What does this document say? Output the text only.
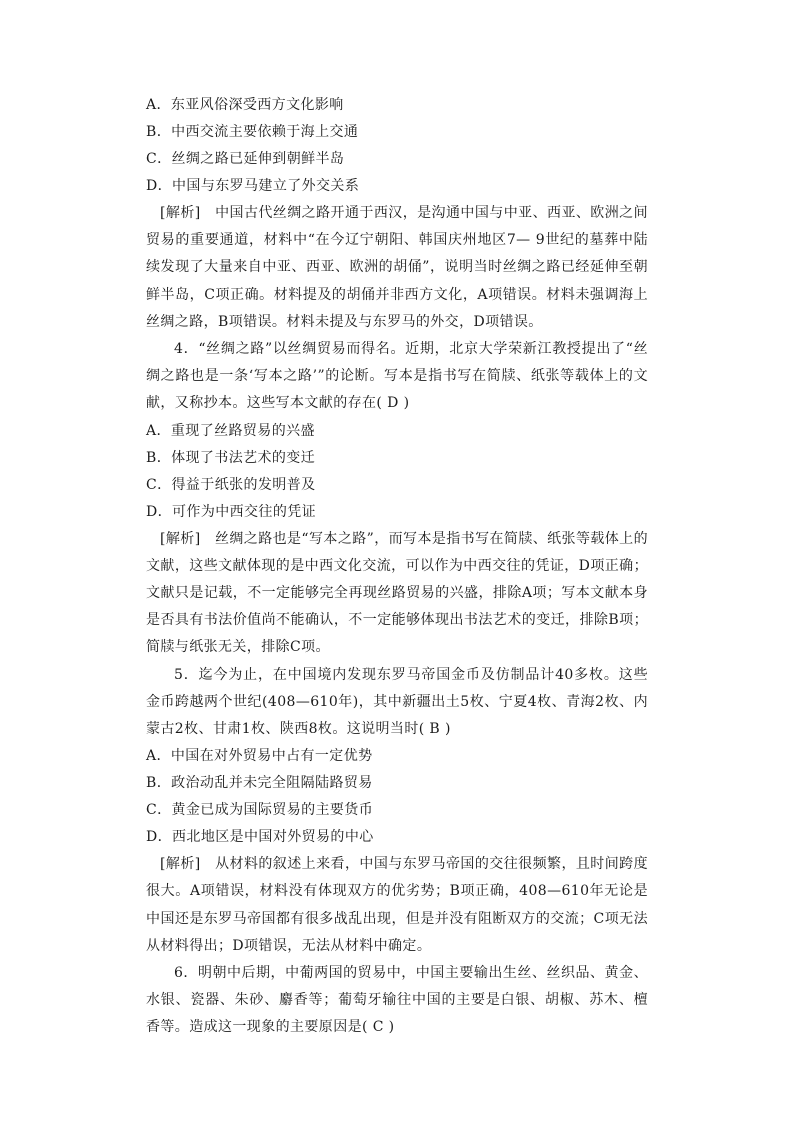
A．东亚风俗深受西方文化影响
B．中西交流主要依赖于海上交通
C．丝绸之路已延伸到朝鲜半岛
D．中国与东罗马建立了外交关系

[解析]　中国古代丝绸之路开通于西汉，是沟通中国与中亚、西亚、欧洲之间贸易的重要通道，材料中“在今辽宁朝阳、韩国庆州地区7— 9世纪的墓葬中陆续发现了大量来自中亚、西亚、欧洲的胡俑”，说明当时丝绸之路已经延伸至朝鲜半岛，C项正确。材料提及的胡俑并非西方文化，A项错误。材料未强调海上丝绸之路，B项错误。材料未提及与东罗马的外交，D项错误。

4．“丝绸之路”以丝绸贸易而得名。近期，北京大学荣新江教授提出了“丝绸之路也是一条‘写本之路’”的论断。写本是指书写在简牍、纸张等载体上的文献，又称抄本。这些写本文献的存在( D )

A．重现了丝路贸易的兴盛
B．体现了书法艺术的变迁
C．得益于纸张的发明普及
D．可作为中西交往的凭证

[解析]　丝绸之路也是“写本之路”，而写本是指书写在简牍、纸张等载体上的文献，这些文献体现的是中西文化交流，可以作为中西交往的凭证，D项正确；文献只是记载，不一定能够完全再现丝路贸易的兴盛，排除A项；写本文献本身是否具有书法价值尚不能确认，不一定能够体现出书法艺术的变迁，排除B项；简牍与纸张无关，排除C项。

5．迄今为止，在中国境内发现东罗马帝国金币及仿制品计40多枚。这些金币跨越两个世纪(408—610年)，其中新疆出土5枚、宁夏4枚、青海2枚、内蒙古2枚、甘肃1枚、陕西8枚。这说明当时( B )

A．中国在对外贸易中占有一定优势
B．政治动乱并未完全阻隔陆路贸易
C．黄金已成为国际贸易的主要货币
D．西北地区是中国对外贸易的中心

[解析]　从材料的叙述上来看，中国与东罗马帝国的交往很频繁，且时间跨度很大。A项错误，材料没有体现双方的优劣势；B项正确，408—610年无论是中国还是东罗马帝国都有很多战乱出现，但是并没有阻断双方的交流；C项无法从材料得出；D项错误，无法从材料中确定。

6．明朝中后期，中葡两国的贸易中，中国主要输出生丝、丝织品、黄金、水银、瓷器、朱砂、麝香等；葡萄牙输往中国的主要是白银、胡椒、苏木、檀香等。造成这一现象的主要原因是( C )
